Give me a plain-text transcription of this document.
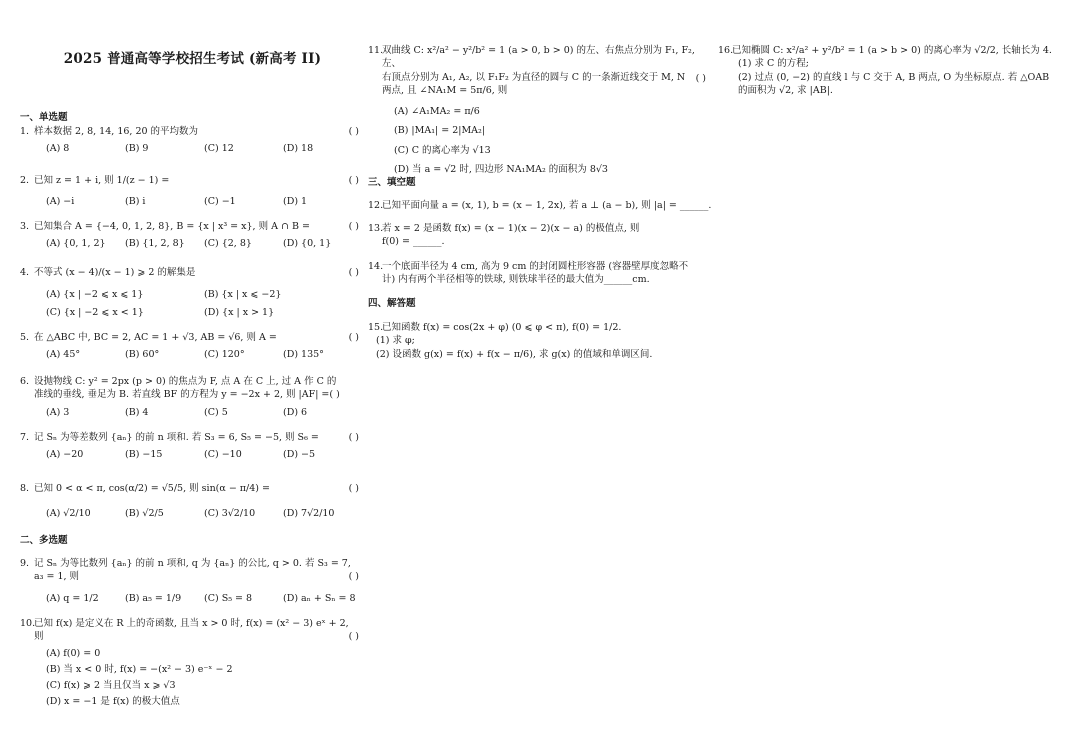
2025 普通高等学校招生考试 (新高考 II)
一、单选题
1. 样本数据 2, 8, 14, 16, 20 的平均数为	( )
(A) 8	(B) 9	(C) 12	(D) 18
2. 已知 z = 1 + i, 则 1/(z − 1) =	( )
(A) −i	(B) i	(C) −1	(D) 1
3. 已知集合 A = {−4, 0, 1, 2, 8}, B = {x | x³ = x}, 则 A ∩ B =	( )
(A) {0, 1, 2}	(B) {1, 2, 8}	(C) {2, 8}	(D) {0, 1}
4. 不等式 (x − 4)/(x − 1) ⩾ 2 的解集是	( )
(A) {x | −2 ⩽ x ⩽ 1}	(B) {x | x ⩽ −2}
(C) {x | −2 ⩽ x < 1}	(D) {x | x > 1}
5. 在 △ABC 中, BC = 2, AC = 1 + √3, AB = √6, 则 A =	( )
(A) 45°	(B) 60°	(C) 120°	(D) 135°
6. 设抛物线 C: y² = 2px (p > 0) 的焦点为 F, 点 A 在 C 上, 过 A 作 C 的
准线的垂线, 垂足为 B. 若直线 BF 的方程为 y = −2x + 2, 则 |AF| =( )
(A) 3	(B) 4	(C) 5	(D) 6
7. 记 Sₙ 为等差数列 {aₙ} 的前 n 项和. 若 S₃ = 6, S₅ = −5, 则 S₆ =	( )
(A) −20	(B) −15	(C) −10	(D) −5
8. 已知 0 < α < π, cos(α/2) = √5/5, 则 sin(α − π/4) =	( )
(A) √2/10	(B) √2/5	(C) 3√2/10	(D) 7√2/10
二、多选题
9. 记 Sₙ 为等比数列 {aₙ} 的前 n 项和, q 为 {aₙ} 的公比, q > 0. 若 S₃ = 7,
a₃ = 1, 则	( )
(A) q = 1/2	(B) a₅ = 1/9	(C) S₅ = 8	(D) aₙ + Sₙ = 8
10.
已知 f(x) 是定义在 R 上的奇函数, 且当 x > 0 时, f(x) = (x² − 3) eˣ + 2,
则	( )
(A) f(0) = 0
(B) 当 x < 0 时, f(x) = −(x² − 3) e⁻ˣ − 2
(C) f(x) ⩾ 2 当且仅当 x ⩾ √3
(D) x = −1 是 f(x) 的极大值点
11.
双曲线 C: x²/a² − y²/b² = 1 (a > 0, b > 0) 的左、右焦点分别为 F₁, F₂, 左、
右顶点分别为 A₁, A₂, 以 F₁F₂ 为直径的圆与 C 的一条渐近线交于 M, N
两点, 且 ∠NA₁M = 5π/6, 则
( )
(A) ∠A₁MA₂ = π/6
(B) |MA₁| = 2|MA₂|
(C) C 的离心率为 √13
(D) 当 a = √2 时, 四边形 NA₁MA₂ 的面积为 8√3
三、填空题
12.
已知平面向量 a = (x, 1), b = (x − 1, 2x), 若 a ⊥ (a − b), 则 |a| = ______.
13.
若 x = 2 是函数 f(x) = (x − 1)(x − 2)(x − a) 的极值点, 则
f(0) = ______.
14.
一个底面半径为 4 cm, 高为 9 cm 的封闭圆柱形容器 (容器壁厚度忽略不
计) 内有两个半径相等的铁球, 则铁球半径的最大值为______cm.
四、解答题
15.
已知函数 f(x) = cos(2x + φ) (0 ⩽ φ < π), f(0) = 1/2.
(1) 求 φ;
(2) 设函数 g(x) = f(x) + f(x − π/6), 求 g(x) 的值域和单调区间.
16.
已知椭圆 C: x²/a² + y²/b² = 1 (a > b > 0) 的离心率为 √2/2, 长轴长为 4.
(1) 求 C 的方程;
(2) 过点 (0, −2) 的直线 l 与 C 交于 A, B 两点, O 为坐标原点. 若 △OAB
的面积为 √2, 求 |AB|.
